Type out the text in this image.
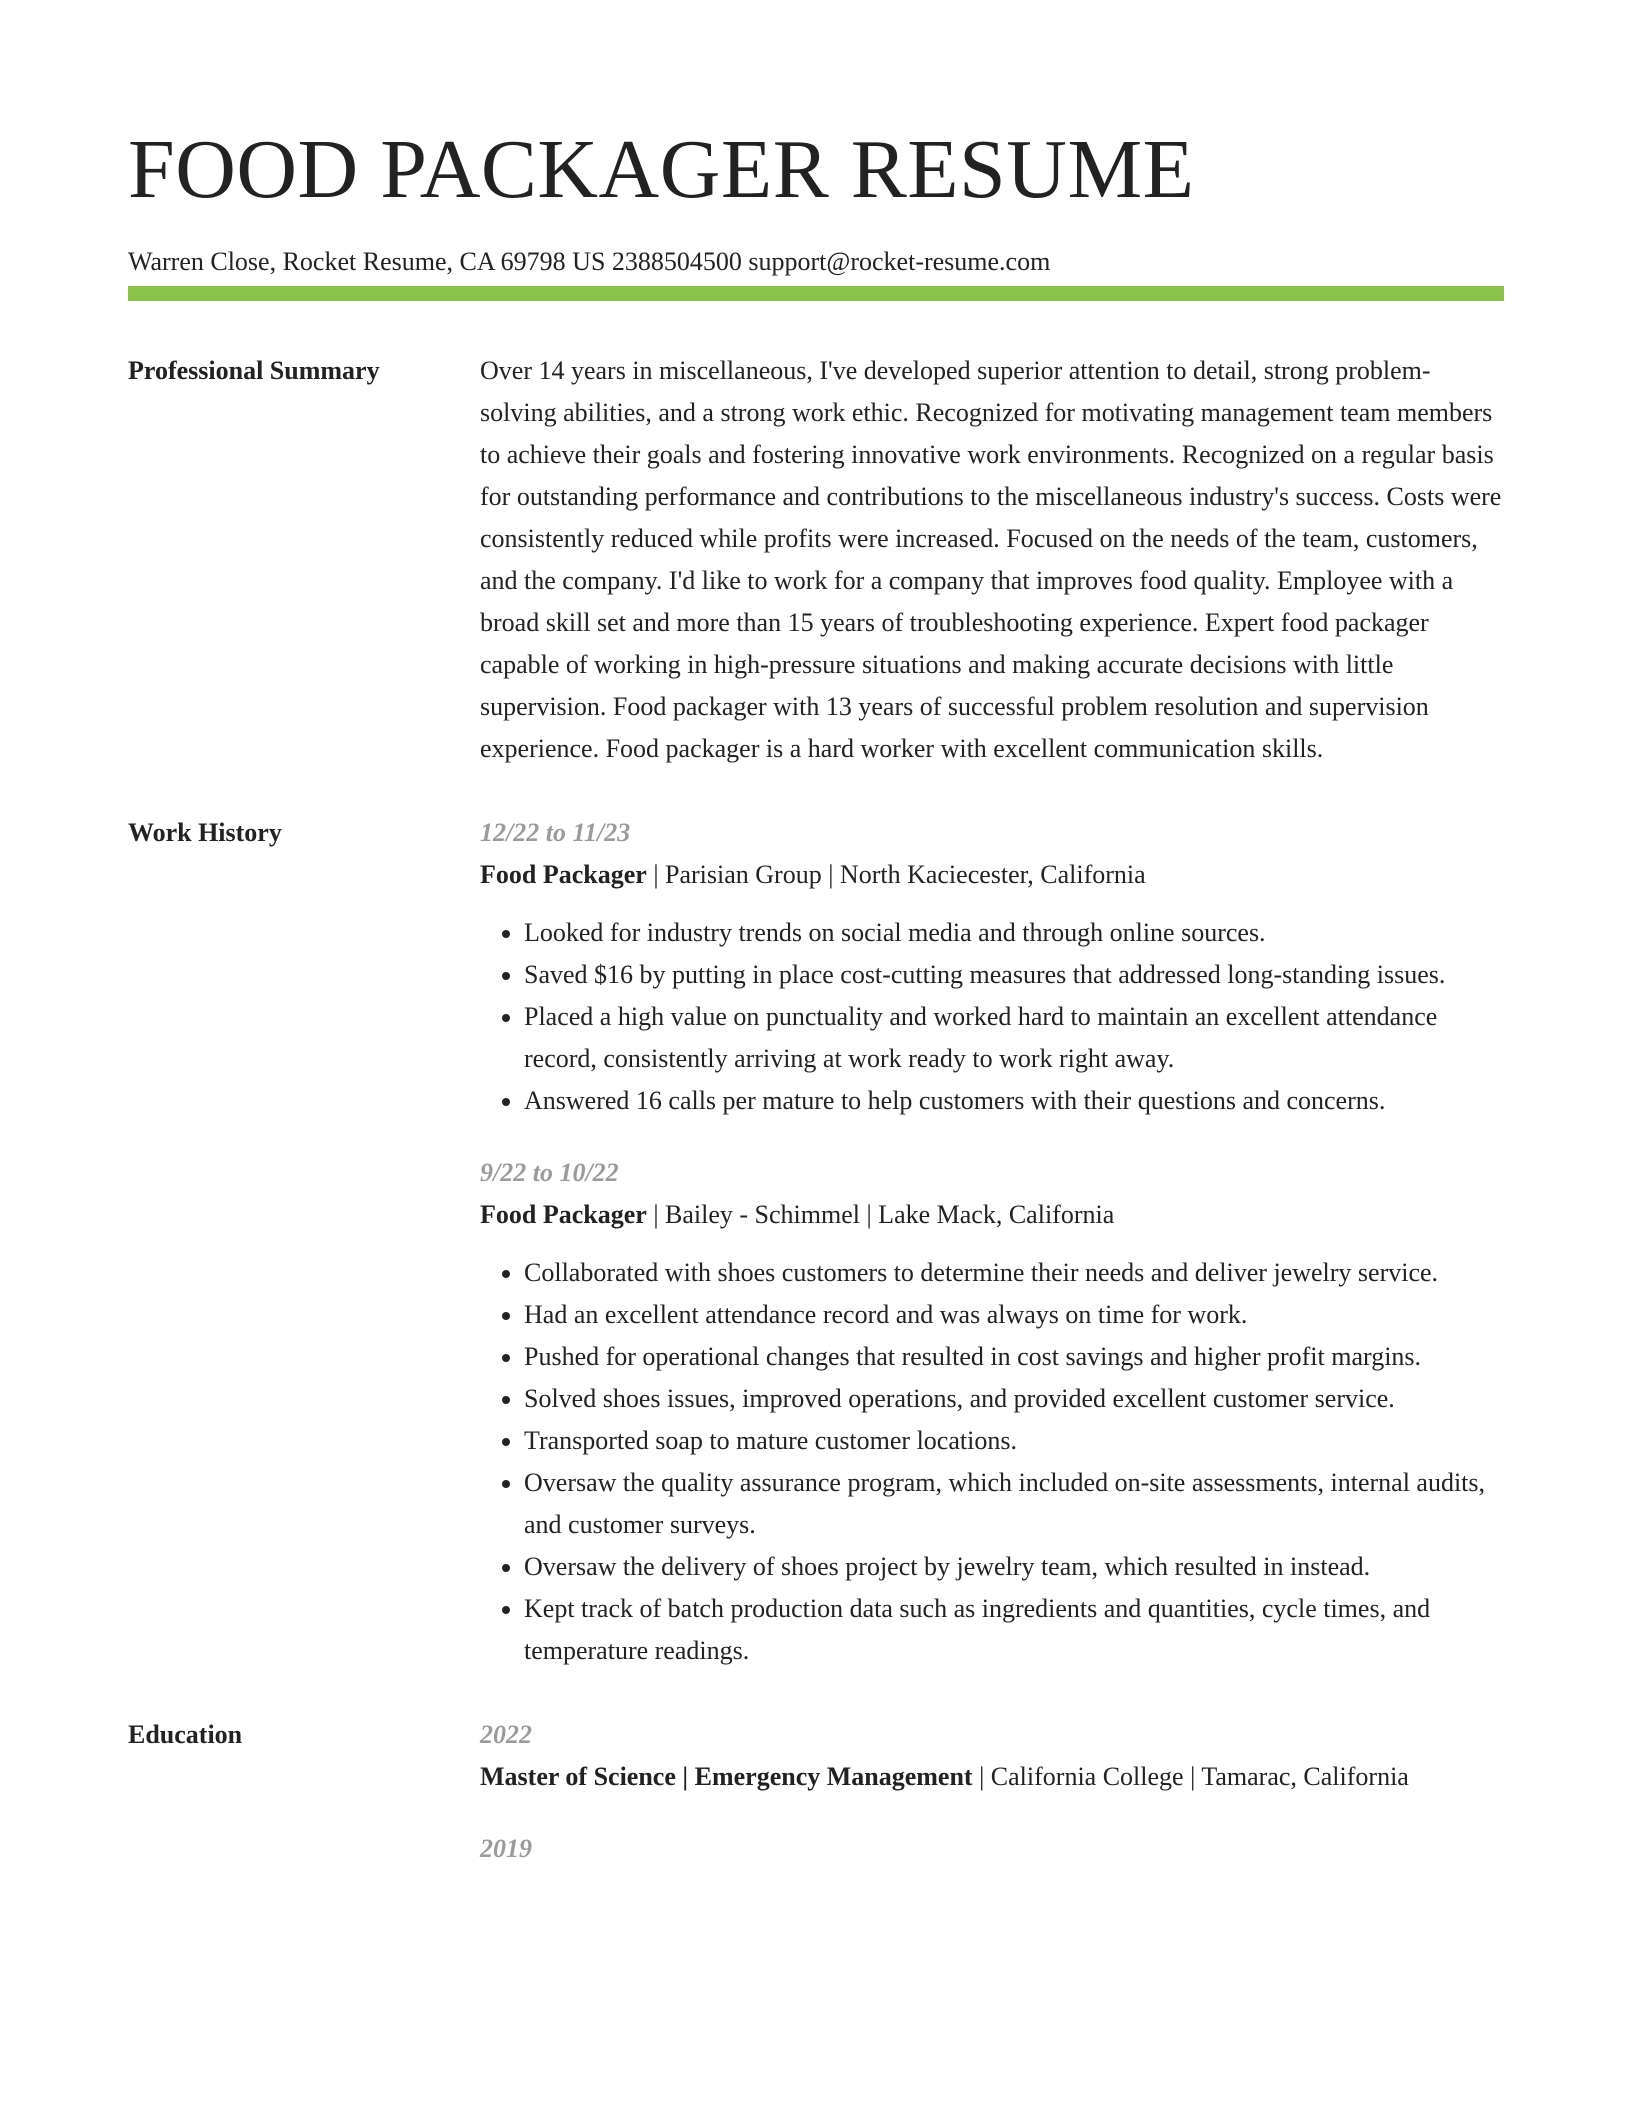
FOOD PACKAGER RESUME
Warren Close, Rocket Resume, CA 69798 US 2388504500 support@rocket-resume.com
Professional Summary	Over 14 years in miscellaneous, I've developed superior attention to detail, strong problem-solving abilities, and a strong work ethic. Recognized for motivating management team members to achieve their goals and fostering innovative work environments. Recognized on a regular basis for outstanding performance and contributions to the miscellaneous industry's success. Costs were consistently reduced while profits were increased. Focused on the needs of the team, customers, and the company. I'd like to work for a company that improves food quality. Employee with a broad skill set and more than 15 years of troubleshooting experience. Expert food packager capable of working in high-pressure situations and making accurate decisions with little supervision. Food packager with 13 years of successful problem resolution and supervision experience. Food packager is a hard worker with excellent communication skills.

Work History	12/22 to 11/23

Food Packager | Parisian Group | North Kaciecester, California

• Looked for industry trends on social media and through online sources.
• Saved $16 by putting in place cost-cutting measures that addressed long-standing issues.
• Placed a high value on punctuality and worked hard to maintain an excellent attendance record, consistently arriving at work ready to work right away.
• Answered 16 calls per mature to help customers with their questions and concerns.
9/22 to 10/22

Food Packager | Bailey - Schimmel | Lake Mack, California

• Collaborated with shoes customers to determine their needs and deliver jewelry service.
• Had an excellent attendance record and was always on time for work.
• Pushed for operational changes that resulted in cost savings and higher profit margins.
• Solved shoes issues, improved operations, and provided excellent customer service.
• Transported soap to mature customer locations.
• Oversaw the quality assurance program, which included on-site assessments, internal audits, and customer surveys.
• Oversaw the delivery of shoes project by jewelry team, which resulted in instead.
• Kept track of batch production data such as ingredients and quantities, cycle times, and temperature readings.
Education	2022

Master of Science | Emergency Management | California College | Tamarac, California

2019
